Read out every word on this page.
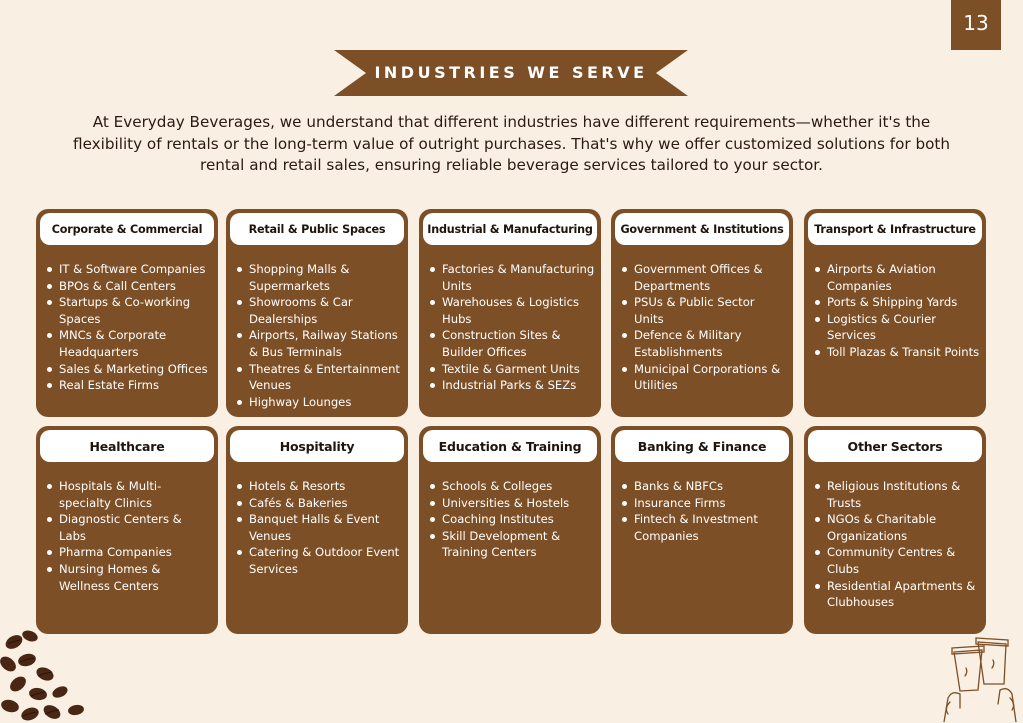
13
INDUSTRIES WE SERVE
At Everyday Beverages, we understand that different industries have different requirements—whether it's the flexibility of rentals or the long-term value of outright purchases. That's why we offer customized solutions for both rental and retail sales, ensuring reliable beverage services tailored to your sector.
Corporate & Commercial
IT & Software Companies
BPOs & Call Centers
Startups & Co-working Spaces
MNCs & Corporate Headquarters
Sales & Marketing Offices
Real Estate Firms
Retail & Public Spaces
Shopping Malls & Supermarkets
Showrooms & Car Dealerships
Airports, Railway Stations & Bus Terminals
Theatres & Entertainment Venues
Highway Lounges
Industrial & Manufacturing
Factories & Manufacturing Units
Warehouses & Logistics Hubs
Construction Sites & Builder Offices
Textile & Garment Units
Industrial Parks & SEZs
Government & Institutions
Government Offices & Departments
PSUs & Public Sector Units
Defence & Military Establishments
Municipal Corporations & Utilities
Transport & Infrastructure
Airports & Aviation Companies
Ports & Shipping Yards
Logistics & Courier Services
Toll Plazas & Transit Points
Healthcare
Hospitals & Multi-specialty Clinics
Diagnostic Centers & Labs
Pharma Companies
Nursing Homes & Wellness Centers
Hospitality
Hotels & Resorts
Cafés & Bakeries
Banquet Halls & Event Venues
Catering & Outdoor Event Services
Education & Training
Schools & Colleges
Universities & Hostels
Coaching Institutes
Skill Development & Training Centers
Banking & Finance
Banks & NBFCs
Insurance Firms
Fintech & Investment Companies
Other Sectors
Religious Institutions & Trusts
NGOs & Charitable Organizations
Community Centres & Clubs
Residential Apartments & Clubhouses
